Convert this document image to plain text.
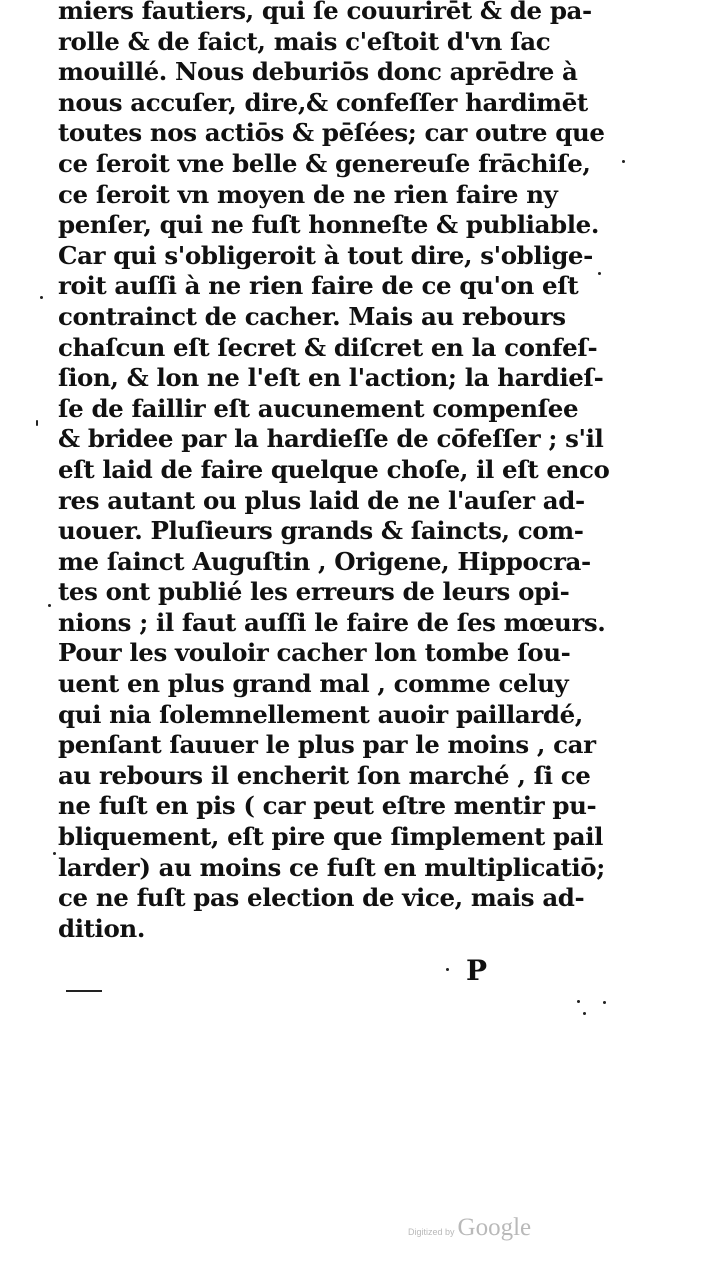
miers fautiers, qui ſe couurirēt & de pa-
rolle & de faict, mais c'eſtoit d'vn ſac
mouillé. Nous deburiōs donc aprēdre à
nous accuſer, dire,& confeſſer hardimēt
toutes nos actiōs & pēſées; car outre que
ce ſeroit vne belle & genereuſe frāchiſe,
ce ſeroit vn moyen de ne rien faire ny
penſer, qui ne fuſt honneſte & publiable.
Car qui s'obligeroit à tout dire, s'oblige-
roit auſſi à ne rien faire de ce qu'on eſt
contrainct de cacher. Mais au rebours
chaſcun eſt ſecret & diſcret en la confeſ-
ſion, & lon ne l'eſt en l'action; la hardieſ-
ſe de faillir eſt aucunement compenſee
& bridee par la hardieſſe de cōfeſſer ; s'il
eſt laid de faire quelque choſe, il eſt enco
res autant ou plus laid de ne l'auſer ad-
uouer. Pluſieurs grands & ſaincts, com-
me ſainct Auguſtin , Origene, Hippocra-
tes ont publié les erreurs de leurs opi-
nions ; il faut auſſi le faire de ſes mœurs.
Pour les vouloir cacher lon tombe ſou-
uent en plus grand mal , comme celuy
qui nia ſolemnellement auoir paillardé,
penſant ſauuer le plus par le moins , car
au rebours il encherit ſon marché , ſi ce
ne fuſt en pis ( car peut eſtre mentir pu-
bliquement, eſt pire que ſimplement pail
larder) au moins ce fuſt en multiplicatiō;
ce ne fuſt pas election de vice, mais ad-
dition.
P
Digitized by Google
